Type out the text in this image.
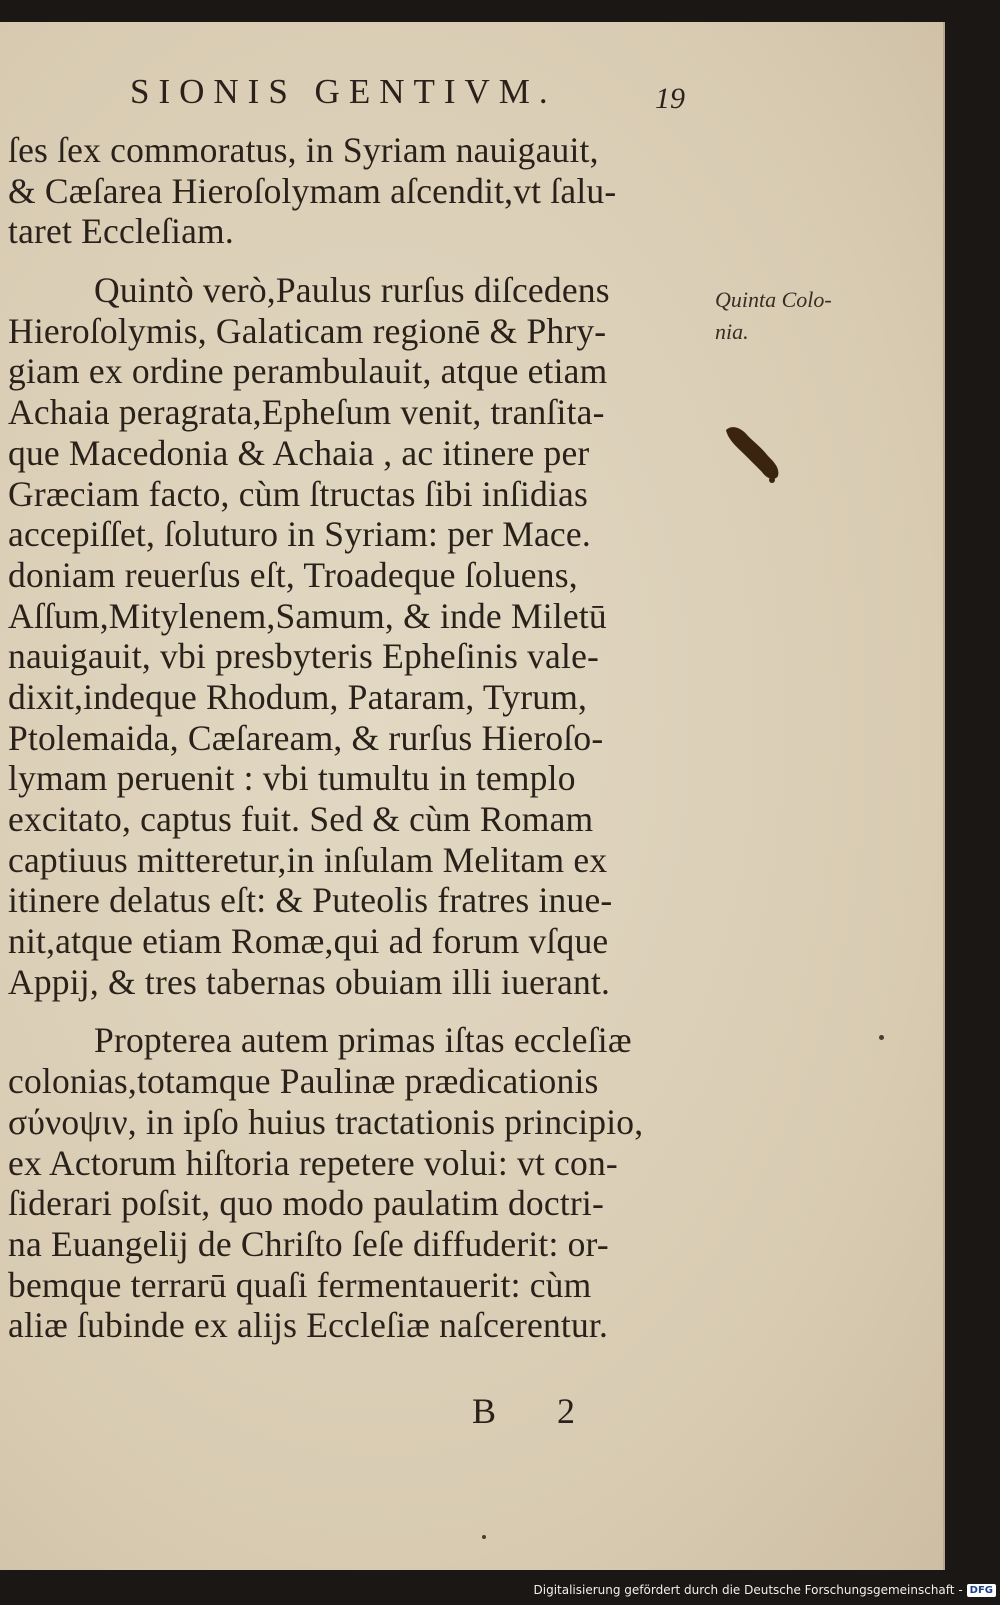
SIONIS GENTIVM.	19
ſes ſex commoratus, in Syriam nauigauit,
& Cæſarea Hieroſolymam aſcendit,vt ſalu-
taret Eccleſiam.
Quintò verò,Paulus rurſus diſcedens
Hieroſolymis, Galaticam regionē & Phry-
giam ex ordine perambulauit, atque etiam
Achaia peragrata,Epheſum venit, tranſita-
que Macedonia & Achaia , ac itinere per
Græciam facto, cùm ſtructas ſibi inſidias
accepiſſet, ſoluturo in Syriam: per Mace.
doniam reuerſus eſt, Troadeque ſoluens,
Aſſum,Mitylenem,Samum, & inde Miletū
nauigauit, vbi presbyteris Epheſinis vale-
dixit,indeque Rhodum, Pataram, Tyrum,
Ptolemaida, Cæſaream, & rurſus Hieroſo-
lymam peruenit : vbi tumultu in templo
excitato, captus fuit. Sed & cùm Romam
captiuus mitteretur,in inſulam Melitam ex
itinere delatus eſt: & Puteolis fratres inue-
nit,atque etiam Romæ,qui ad forum vſque
Appij, & tres tabernas obuiam illi iuerant.
Propterea autem primas iſtas eccleſiæ
colonias,totamque Paulinæ prædicationis
σύνοψιν, in ipſo huius tractationis principio,
ex Actorum hiſtoria repetere volui: vt con-
ſiderari poſsit, quo modo paulatim doctri-
na Euangelij de Chriſto ſeſe diffuderit: or-
bemque terrarū quaſi fermentauerit: cùm
aliæ ſubinde ex alijs Eccleſiæ naſcerentur.
Quinta Colo-
nia.
B 2
Digitalisierung gefördert durch die Deutsche Forschungsgemeinschaft - DFG
